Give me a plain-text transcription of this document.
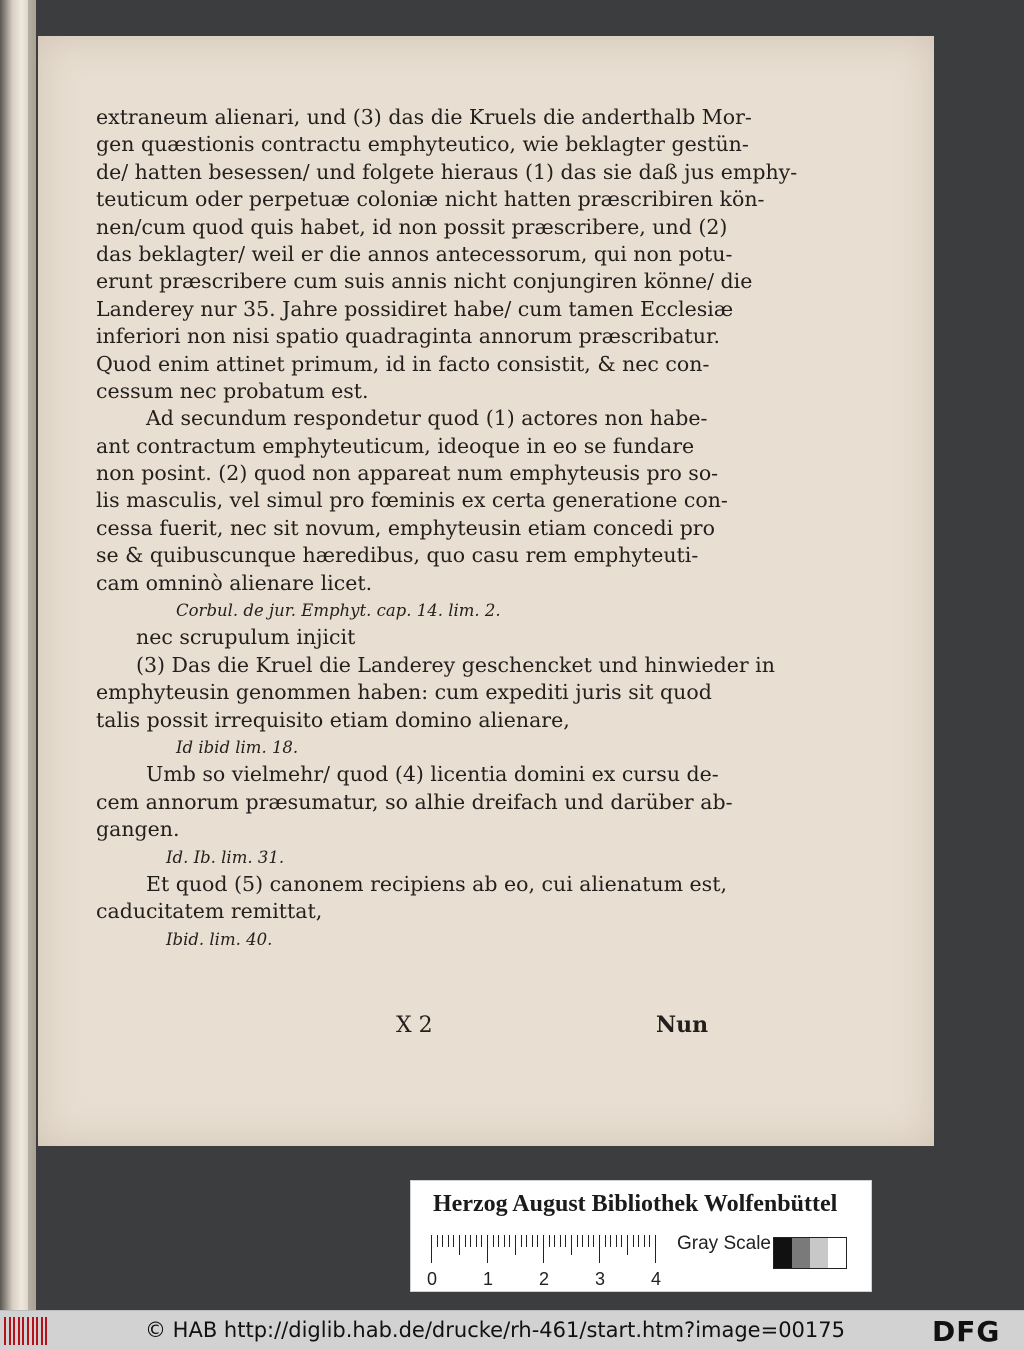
extraneum alienari, und (3) das die Kruels die anderthalb Mor-
gen quæstionis contractu emphyteutico, wie beklagter gestün-
de/ hatten besessen/ und folgete hieraus (1) das sie daß jus emphy-
teuticum oder perpetuæ coloniæ nicht hatten præscribiren kön-
nen/cum quod quis habet, id non possit præscribere, und (2)
das beklagter/ weil er die annos antecessorum, qui non potu-
erunt præscribere cum suis annis nicht conjungiren könne/ die
Landerey nur 35. Jahre possidiret habe/ cum tamen Ecclesiæ
inferiori non nisi spatio quadraginta annorum præscribatur.
Quod enim attinet primum, id in facto consistit, & nec con-
cessum nec probatum est.
Ad secundum respondetur quod (1) actores non habe-
ant contractum emphyteuticum, ideoque in eo se fundare
non posint. (2) quod non appareat num emphyteusis pro so-
lis masculis, vel simul pro fœminis ex certa generatione con-
cessa fuerit, nec sit novum, emphyteusin etiam concedi pro
se & quibuscunque hæredibus, quo casu rem emphyteuti-
cam omninò alienare licet.
Corbul. de jur. Emphyt. cap. 14. lim. 2.
nec scrupulum injicit
(3) Das die Kruel die Landerey geschencket und hinwieder in
emphyteusin genommen haben: cum expediti juris sit quod
talis possit irrequisito etiam domino alienare,
Id ibid lim. 18.
Umb so vielmehr/ quod (4) licentia domini ex cursu de-
cem annorum præsumatur, so alhie dreifach und darüber ab-
gangen.
Id. Ib. lim. 31.
Et quod (5) canonem recipiens ab eo, cui alienatum est,
caducitatem remittat,
Ibid. lim. 40.
X 2	Nun
Herzog August Bibliothek Wolfenbüttel
0	1	2	3	4
Gray Scale
© HAB http://diglib.hab.de/drucke/rh-461/start.htm?image=00175	DFG
